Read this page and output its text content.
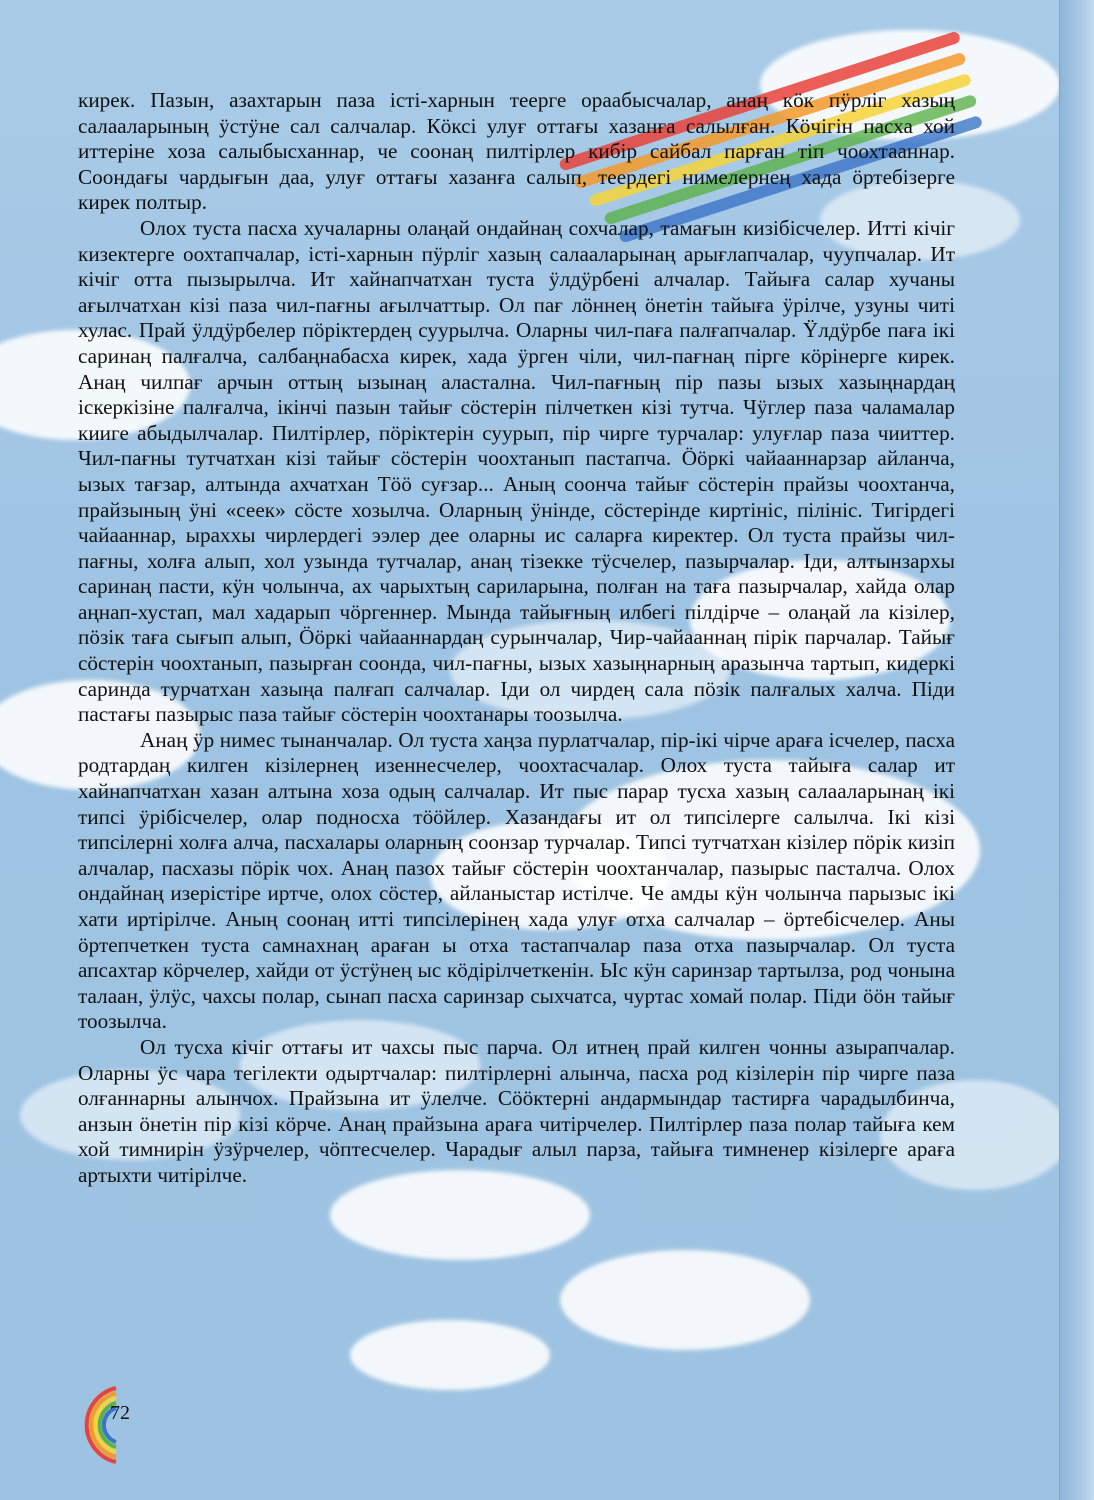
кирек. Пазын, азахтарын паза істі-харнын теерге ораабысчалар, анаң кöк пÿрліг хазың салааларының ÿстÿне сал салчалар. Кöксі улуғ оттағы хазанға салылған. Кöчігін пасха хой иттеріне хоза салыбысханнар, че соонаң пилтірлер кибір сайбал парған тіп чоохтааннар. Соондағы чардығын даа, улуғ оттағы хазанға салып, теердегі нимелернең хада öртебізерге кирек полтыр.

Олох туста пасха хучаларны олаңай ондайнаң сохчалар, тамағын кизібісчелер. Итті кічіг кизектерге оохтапчалар, істі-харнын пÿрліг хазың салааларынаң арығлапчалар, чуупчалар. Ит кічіг отта пызырылча. Ит хайнапчатхан туста ÿлдÿрбені алчалар. Тайыға салар хучаны ағылчатхан кізі паза чил-пағны ағылчаттыр. Ол пағ лöннең öнетін тайыға ÿрілче, узуны читі хулас. Прай ÿлдÿрбелер пöріктердең суурылча. Оларны чил-паға палғапчалар. Ÿлдÿрбе паға ікі саринаң палғалча, салбаңнабасха кирек, хада ÿрген чіли, чил-пағнаң пірге кöрінерге кирек. Анаң чилпағ арчын оттың ызынаң аластална. Чил-пағның пір пазы ызых хазыңнардаң іскеркізіне палғалча, ікінчі пазын тайығ сöстерін пілчеткен кізі тутча. Чÿглер паза чаламалар кииге абыдылчалар. Пилтірлер, пöріктерін суурып, пір чирге турчалар: улуғлар паза чииттер. Чил-пағны тутчатхан кізі тайығ сöстерін чоохтанып пастапча. Ööркі чайааннарзар айланча, ызых тағзар, алтында ахчатхан Тöö суғзар... Аның соонча тайығ сöстерін прайзы чоохтанча, прайзының ÿні «сеек» сöсте хозылча. Оларның ÿнінде, сöстерінде киртініс, пілініс. Тигірдегі чайааннар, ыраххы чирлердегі ээлер дее оларны ис саларға киректер. Ол туста прайзы чил-пағны, холға алып, хол узында тутчалар, анаң тізекке тÿсчелер, пазырчалар. Іди, алтынзархы саринаң пасти, кÿн чолынча, ах чарыхтың сариларына, полған на таға пазырчалар, хайда олар аңнап-хустап, мал хадарып чöргеннер. Мында тайығның илбегі пілдірче – олаңай ла кізілер, пöзік таға сығып алып, Ööркі чайааннардаң сурынчалар, Чир-чайааннаң пірік парчалар. Тайығ сöстерін чоохтанып, пазырған соонда, чил-пағны, ызых хазыңнарның аразынча тартып, кидеркі саринда турчатхан хазыңа палғап салчалар. Іди ол чирдең сала пöзік палғалых халча. Піди пастағы пазырыс паза тайығ сöстерін чоохтанары тоозылча.

Анаң ÿр нимес тынанчалар. Ол туста хаңза пурлатчалар, пір-ікі чірче араға ісчелер, пасха родтардаң килген кізілернең изеннесчелер, чоохтасчалар. Олох туста тайыға салар ит хайнапчатхан хазан алтына хоза одың салчалар. Ит пыс парар тусха хазың салааларынаң ікі типсі ÿрібісчелер, олар подносха тööйлер. Хазандағы ит ол типсілерге салылча. Ікі кізі типсілерні холға алча, пасхалары оларның соонзар турчалар. Типсі тутчатхан кізілер пöрік кизіп алчалар, пасхазы пöрік чох. Анаң пазох тайығ сöстерін чоохтанчалар, пазырыс пасталча. Олох ондайнаң изерістіре иртче, олох сöстер, айланыстар истілче. Че амды кÿн чолынча парызыс ікі хати иртірілче. Аның соонаң итті типсілерінең хада улуғ отха салчалар – öртебісчелер. Аны öртепчеткен туста самнахнаң араған ы отха тастапчалар паза отха пазырчалар. Ол туста апсахтар кöрчелер, хайди от ÿстÿнең ыс кöдірілчеткенін. Ыс кÿн саринзар тартылза, род чонына талаан, ÿлÿс, чахсы полар, сынап пасха саринзар сыхчатса, чуртас хомай полар. Піди ööн тайығ тоозылча.

Ол тусха кічіг оттағы ит чахсы пыс парча. Ол итнең прай килген чонны азырапчалар. Оларны ÿс чара тегілекти одыртчалар: пилтірлерні алынча, пасха род кізілерін пір чирге паза олғаннарны алынчох. Прайзына ит ÿлелче. Сööктерні андармындар тастирға чарадылбинча, анзын öнетін пір кізі кöрче. Анаң прайзына араға читірчелер. Пилтірлер паза полар тайыға кем хой тимнирін ÿзÿрчелер, чöптесчелер. Чарадығ алыл парза, тайыға тимненер кізілерге араға артыхти читірілче.

72
